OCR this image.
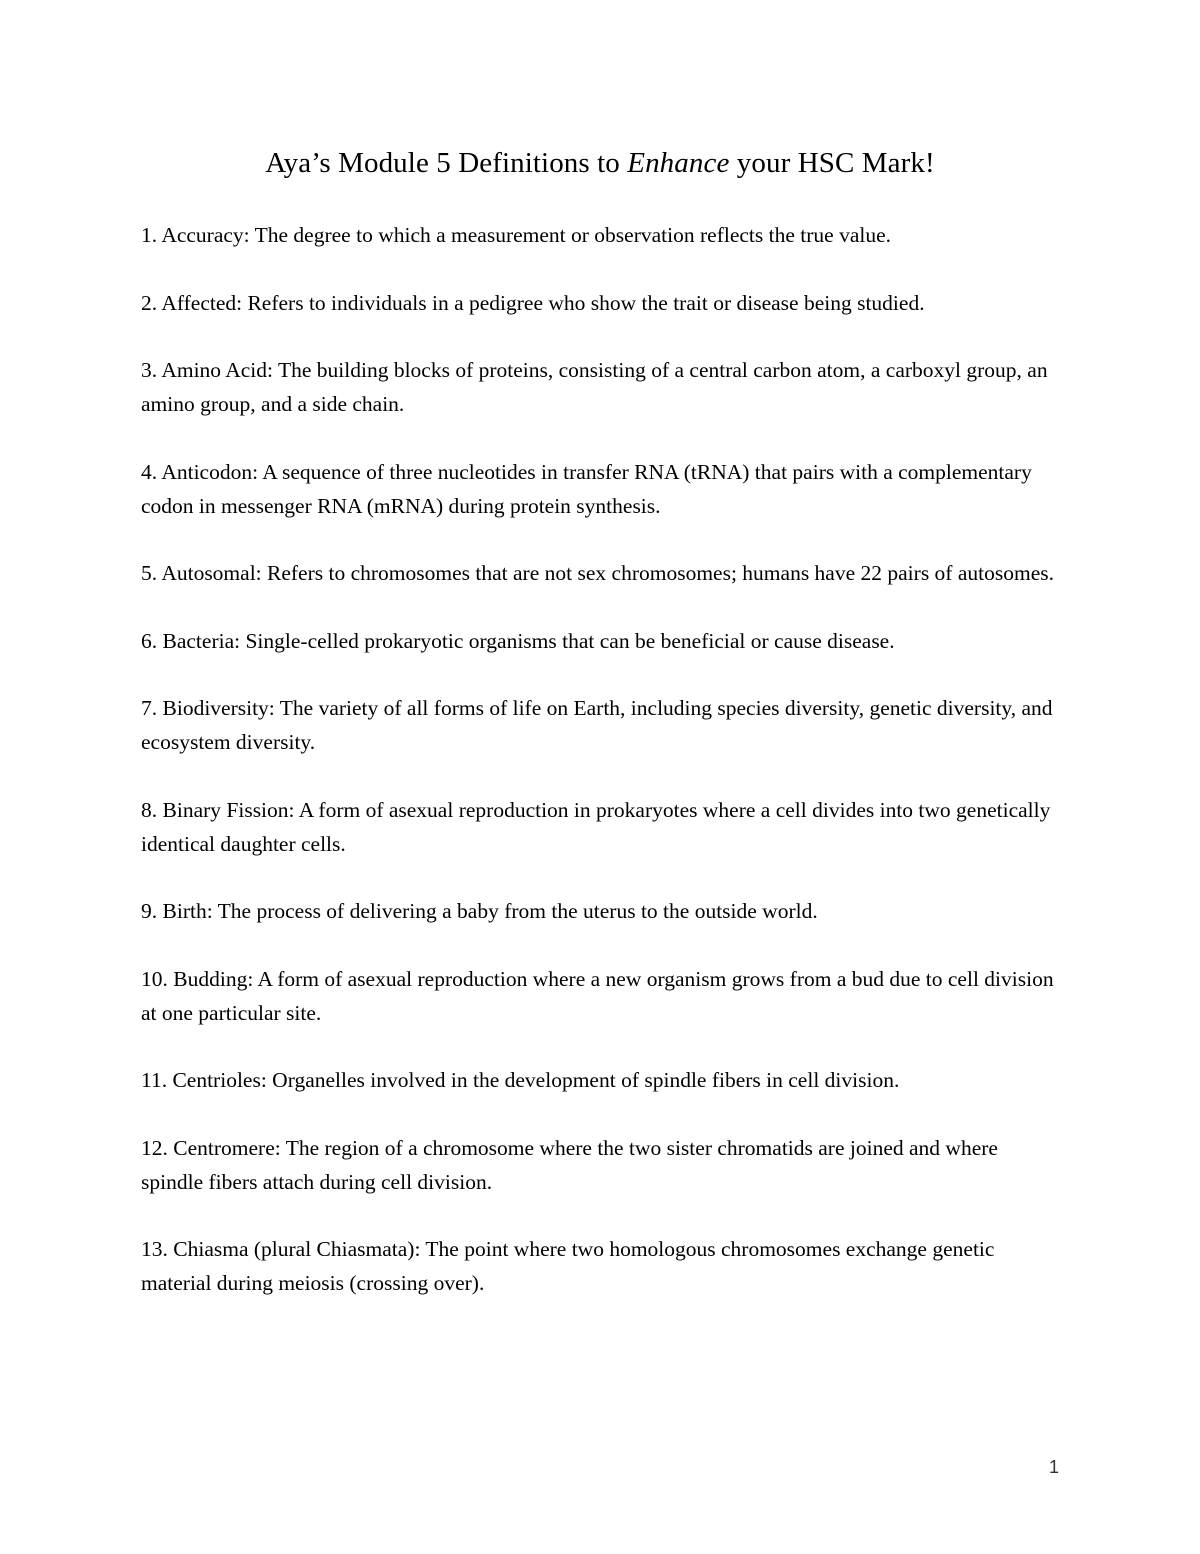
Aya’s Module 5 Definitions to Enhance your HSC Mark!
1. Accuracy: The degree to which a measurement or observation reflects the true value.
2. Affected: Refers to individuals in a pedigree who show the trait or disease being studied.
3. Amino Acid: The building blocks of proteins, consisting of a central carbon atom, a carboxyl group, an amino group, and a side chain.
4. Anticodon: A sequence of three nucleotides in transfer RNA (tRNA) that pairs with a complementary codon in messenger RNA (mRNA) during protein synthesis.
5. Autosomal: Refers to chromosomes that are not sex chromosomes; humans have 22 pairs of autosomes.
6. Bacteria: Single-celled prokaryotic organisms that can be beneficial or cause disease.
7. Biodiversity: The variety of all forms of life on Earth, including species diversity, genetic diversity, and ecosystem diversity.
8. Binary Fission: A form of asexual reproduction in prokaryotes where a cell divides into two genetically identical daughter cells.
9. Birth: The process of delivering a baby from the uterus to the outside world.
10. Budding: A form of asexual reproduction where a new organism grows from a bud due to cell division at one particular site.
11. Centrioles: Organelles involved in the development of spindle fibers in cell division.
12. Centromere: The region of a chromosome where the two sister chromatids are joined and where spindle fibers attach during cell division.
13. Chiasma (plural Chiasmata): The point where two homologous chromosomes exchange genetic material during meiosis (crossing over).
1
